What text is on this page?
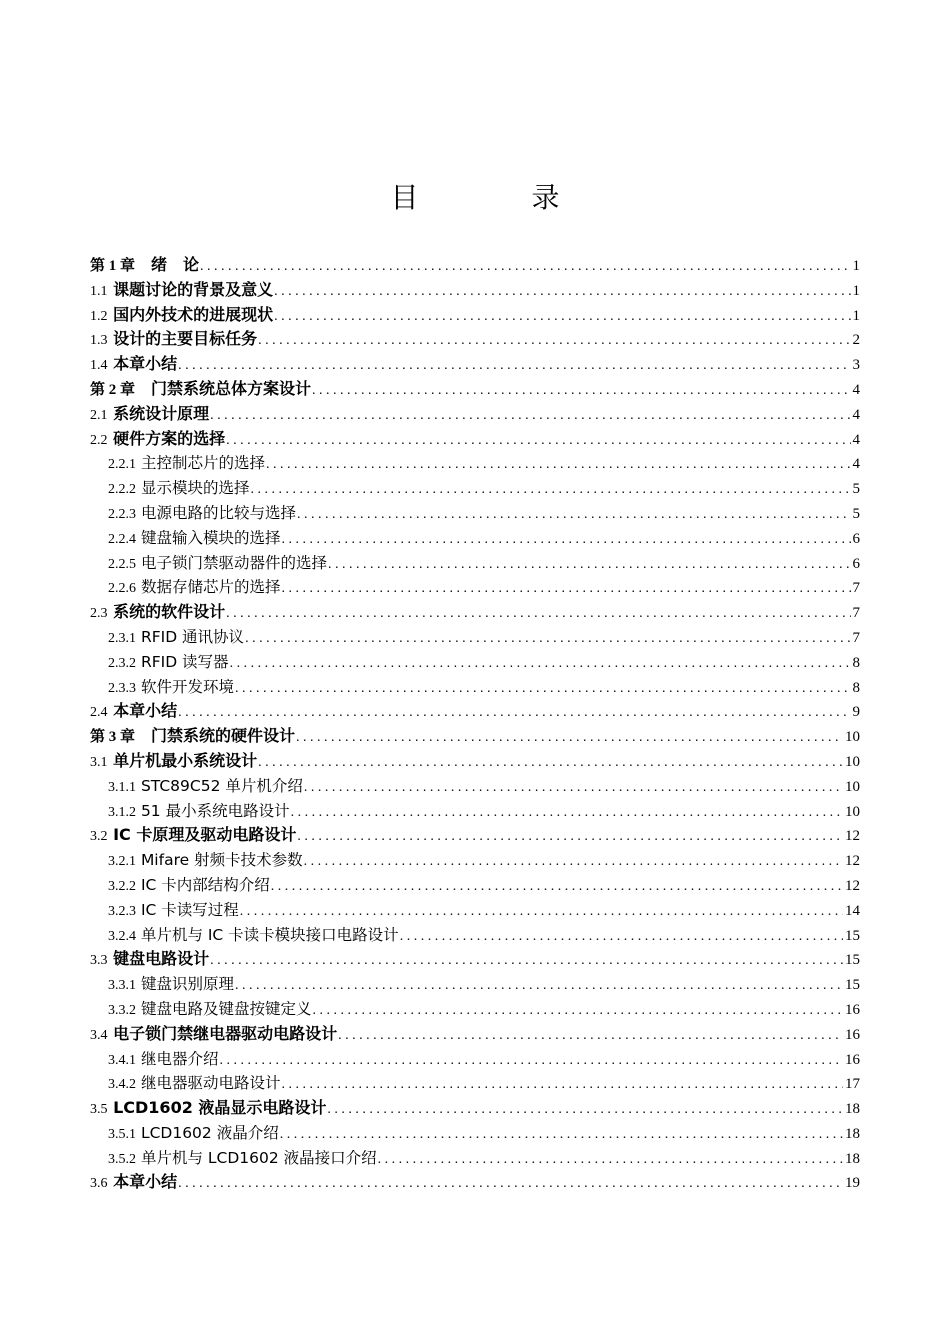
目 录
第 1 章　 绪　论 . . .	1
1.1 课题讨论的背景及意义 . . .	1
1.2 国内外技术的进展现状 . . .	1
1.3 设计的主要目标任务 . . .	2
1.4 本章小结 . . .	3
第 2 章　 门禁系统总体方案设计 . . .	4
2.1 系统设计原理 . . .	4
2.2 硬件方案的选择 . . .	4
2.2.1 主控制芯片的选择 . . .	4
2.2.2 显示模块的选择 . . .	5
2.2.3 电源电路的比较与选择 . . .	5
2.2.4 键盘输入模块的选择 . . .	6
2.2.5 电子锁门禁驱动器件的选择 . . .	6
2.2.6 数据存储芯片的选择 . . .	7
2.3 系统的软件设计 . . .	7
2.3.1 RFID 通讯协议 . . .	7
2.3.2 RFID 读写器 . . .	8
2.3.3 软件开发环境 . . .	8
2.4 本章小结 . . .	9
第 3 章　 门禁系统的硬件设计 . . .	10
3.1 单片机最小系统设计 . . .	10
3.1.1 STC89C52 单片机介绍 . . .	10
3.1.2 51 最小系统电路设计 . . .	10
3.2 IC 卡原理及驱动电路设计 . . .	12
3.2.1 Mifare 射频卡技术参数 . . .	12
3.2.2 IC 卡内部结构介绍 . . .	12
3.2.3 IC 卡读写过程 . . .	14
3.2.4 单片机与 IC 卡读卡模块接口电路设计 . . .	15
3.3 键盘电路设计 . . .	15
3.3.1 键盘识别原理 . . .	15
3.3.2 键盘电路及键盘按键定义 . . .	16
3.4 电子锁门禁继电器驱动电路设计 . . .	16
3.4.1 继电器介绍 . . .	16
3.4.2 继电器驱动电路设计 . . .	17
3.5 LCD1602 液晶显示电路设计 . . .	18
3.5.1 LCD1602 液晶介绍 . . .	18
3.5.2 单片机与 LCD1602 液晶接口介绍 . . .	18
3.6 本章小结 . . .	19
